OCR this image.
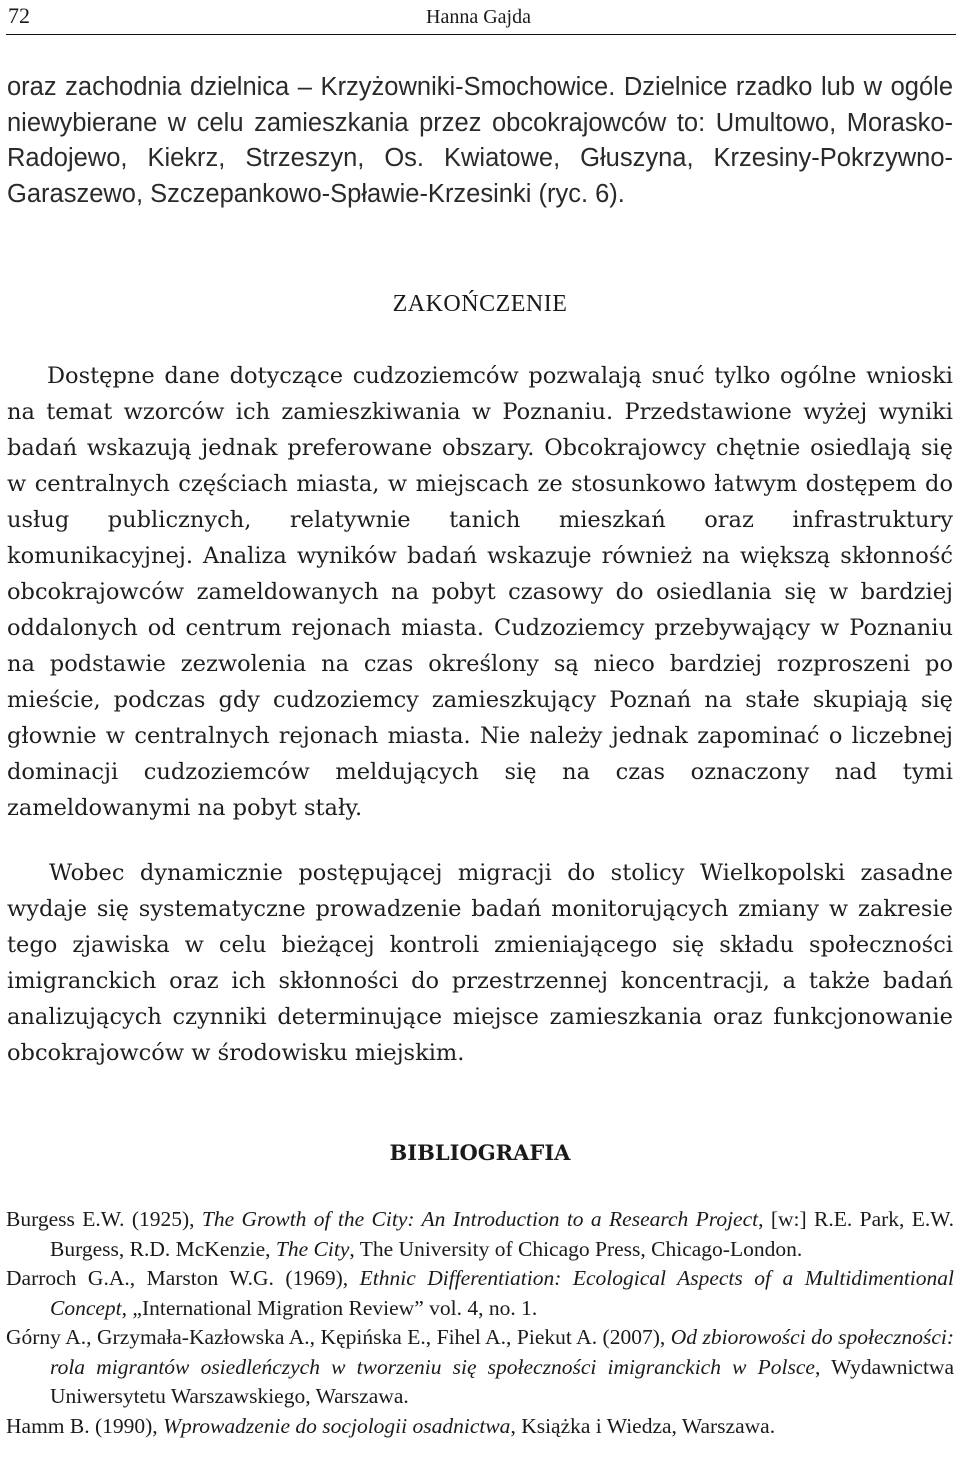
72	Hanna Gajda

oraz zachodnia dzielnica – Krzyżowniki-Smochowice. Dzielnice rzadko lub w ogóle niewybierane w celu zamieszkania przez obcokrajowców to: Umultowo, Morasko-Radojewo, Kiekrz, Strzeszyn, Os. Kwiatowe, Głuszyna, Krzesiny-Pokrzywno-Garaszewo, Szczepankowo-Spławie-Krzesinki (ryc. 6).

ZAKOŃCZENIE

Dostępne dane dotyczące cudzoziemców pozwalają snuć tylko ogólne wnioski na temat wzorców ich zamieszkiwania w Poznaniu. Przedstawione wyżej wyniki badań wskazują jednak preferowane obszary. Obcokrajowcy chętnie osiedlają się w centralnych częściach miasta, w miejscach ze stosunkowo łatwym dostępem do usług publicznych, relatywnie tanich mieszkań oraz infrastruktury komunikacyjnej. Analiza wyników badań wskazuje również na większą skłonność obcokrajowców zameldowanych na pobyt czasowy do osiedlania się w bardziej oddalonych od centrum rejonach miasta. Cudzoziemcy przebywający w Poznaniu na podstawie zezwolenia na czas określony są nieco bardziej rozproszeni po mieście, podczas gdy cudzoziemcy zamieszkujący Poznań na stałe skupiają się głownie w centralnych rejonach miasta. Nie należy jednak zapominać o liczebnej dominacji cudzoziemców meldujących się na czas oznaczony nad tymi zameldowanymi na pobyt stały.

Wobec dynamicznie postępującej migracji do stolicy Wielkopolski zasadne wydaje się systematyczne prowadzenie badań monitorujących zmiany w zakresie tego zjawiska w celu bieżącej kontroli zmieniającego się składu społeczności imigranckich oraz ich skłonności do przestrzennej koncentracji, a także badań analizujących czynniki determinujące miejsce zamieszkania oraz funkcjonowanie obcokrajowców w środowisku miejskim.

BIBLIOGRAFIA
Burgess E.W. (1925), The Growth of the City: An Introduction to a Research Project, [w:] R.E. Park, E.W. Burgess, R.D. McKenzie, The City, The University of Chicago Press, Chicago-London.
Darroch G.A., Marston W.G. (1969), Ethnic Differentiation: Ecological Aspects of a Multidimentional Concept, „International Migration Review” vol. 4, no. 1.
Górny A., Grzymała-Kazłowska A., Kępińska E., Fihel A., Piekut A. (2007), Od zbiorowości do społeczności: rola migrantów osiedleńczych w tworzeniu się społeczności imigranckich w Polsce, Wydawnictwa Uniwersytetu Warszawskiego, Warszawa.
Hamm B. (1990), Wprowadzenie do socjologii osadnictwa, Książka i Wiedza, Warszawa.
